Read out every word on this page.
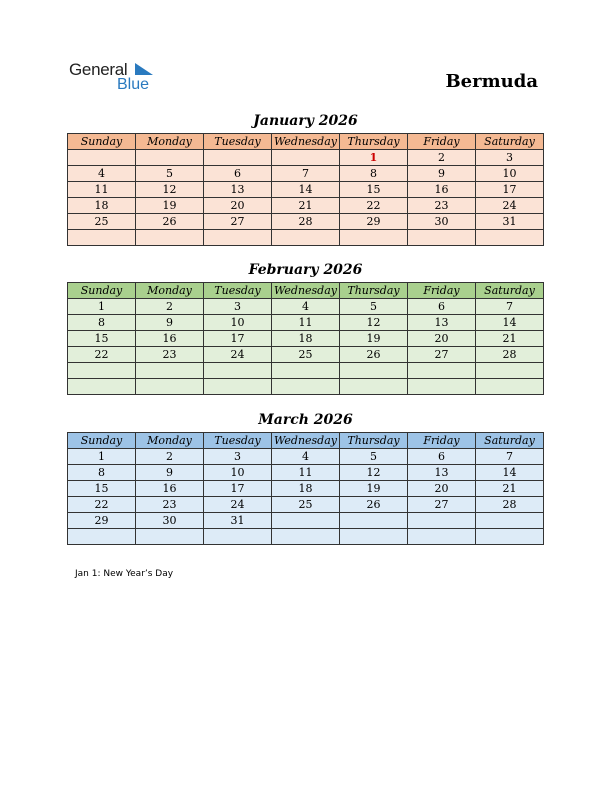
General
Blue	Bermuda
January 2026
Sunday	Monday	Tuesday	Wednesday	Thursday	Friday	Saturday
				1	2	3
4	5	6	7	8	9	10
11	12	13	14	15	16	17
18	19	20	21	22	23	24
25	26	27	28	29	30	31

February 2026
Sunday	Monday	Tuesday	Wednesday	Thursday	Friday	Saturday
1	2	3	4	5	6	7
8	9	10	11	12	13	14
15	16	17	18	19	20	21
22	23	24	25	26	27	28

March 2026
Sunday	Monday	Tuesday	Wednesday	Thursday	Friday	Saturday
1	2	3	4	5	6	7
8	9	10	11	12	13	14
15	16	17	18	19	20	21
22	23	24	25	26	27	28
29	30	31				

Jan 1: New Year’s Day
